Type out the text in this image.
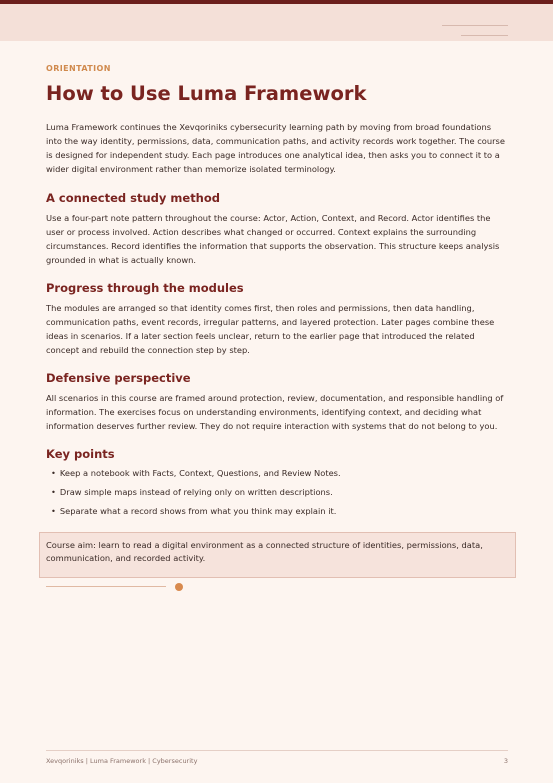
ORIENTATION

How to Use Luma Framework

Luma Framework continues the Xevqoriniks cybersecurity learning path by moving from broad foundations into the way identity, permissions, data, communication paths, and activity records work together. The course is designed for independent study. Each page introduces one analytical idea, then asks you to connect it to a wider digital environment rather than memorize isolated terminology.

A connected study method

Use a four-part note pattern throughout the course: Actor, Action, Context, and Record. Actor identifies the user or process involved. Action describes what changed or occurred. Context explains the surrounding circumstances. Record identifies the information that supports the observation. This structure keeps analysis grounded in what is actually known.

Progress through the modules

The modules are arranged so that identity comes first, then roles and permissions, then data handling, communication paths, event records, irregular patterns, and layered protection. Later pages combine these ideas in scenarios. If a later section feels unclear, return to the earlier page that introduced the related concept and rebuild the connection step by step.

Defensive perspective

All scenarios in this course are framed around protection, review, documentation, and responsible handling of information. The exercises focus on understanding environments, identifying context, and deciding what information deserves further review. They do not require interaction with systems that do not belong to you.

Key points
• Keep a notebook with Facts, Context, Questions, and Review Notes.
• Draw simple maps instead of relying only on written descriptions.
• Separate what a record shows from what you think may explain it.

Course aim: learn to read a digital environment as a connected structure of identities, permissions, data, communication, and recorded activity.

Xevqoriniks | Luma Framework | Cybersecurity	3
